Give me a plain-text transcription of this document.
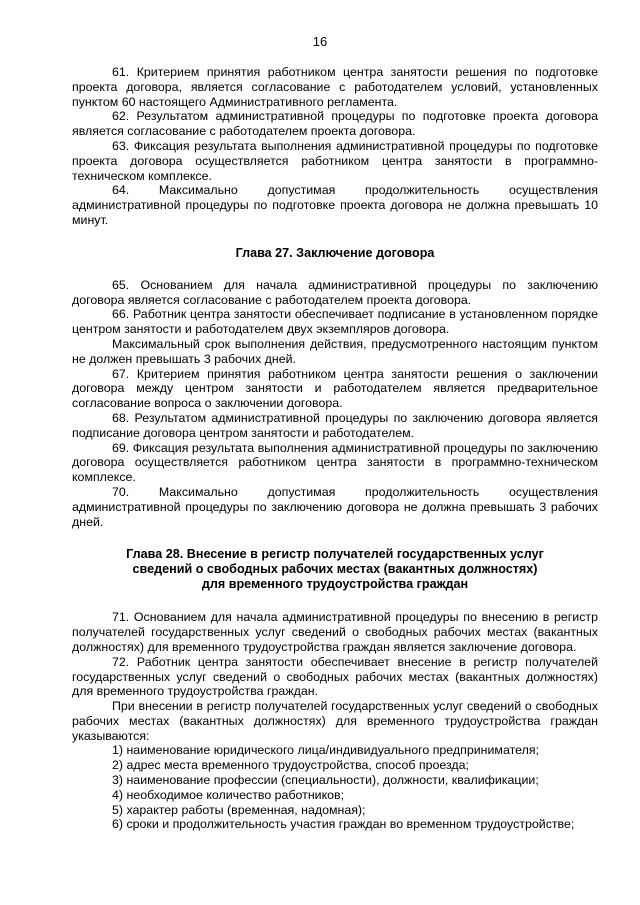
16

61. Критерием принятия работником центра занятости решения по подготовке проекта договора, является согласование с работодателем условий, установленных пунктом 60 настоящего Административного регламента.

62. Результатом административной процедуры по подготовке проекта договора является согласование с работодателем проекта договора.

63. Фиксация результата выполнения административной процедуры по подготовке проекта договора осуществляется работником центра занятости в программно-техническом комплексе.

64. Максимально допустимая продолжительность осуществления административной процедуры по подготовке проекта договора не должна превышать 10 минут.

Глава 27. Заключение договора

65. Основанием для начала административной процедуры по заключению договора является согласование с работодателем проекта договора.

66. Работник центра занятости обеспечивает подписание в установленном порядке центром занятости и работодателем двух экземпляров договора.

Максимальный срок выполнения действия, предусмотренного настоящим пунктом не должен превышать 3 рабочих дней.

67. Критерием принятия работником центра занятости решения о заключении договора между центром занятости и работодателем является предварительное согласование вопроса о заключении договора.

68. Результатом административной процедуры по заключению договора является подписание договора центром занятости и работодателем.

69. Фиксация результата выполнения административной процедуры по заключению договора осуществляется работником центра занятости в программно-техническом комплексе.

70. Максимально допустимая продолжительность осуществления административной процедуры по заключению договора не должна превышать 3 рабочих дней.

Глава 28. Внесение в регистр получателей государственных услуг
сведений о свободных рабочих местах (вакантных должностях)
для временного трудоустройства граждан

71. Основанием для начала административной процедуры по внесению в регистр получателей государственных услуг сведений о свободных рабочих местах (вакантных должностях) для временного трудоустройства граждан является заключение договора.

72. Работник центра занятости обеспечивает внесение в регистр получателей государственных услуг сведений о свободных рабочих местах (вакантных должностях) для временного трудоустройства граждан.

При внесении в регистр получателей государственных услуг сведений о свободных рабочих местах (вакантных должностях) для временного трудоустройства граждан указываются:

1) наименование юридического лица/индивидуального предпринимателя;
2) адрес места временного трудоустройства, способ проезда;
3) наименование профессии (специальности), должности, квалификации;
4) необходимое количество работников;
5) характер работы (временная, надомная);
6) сроки и продолжительность участия граждан во временном трудоустройстве;
